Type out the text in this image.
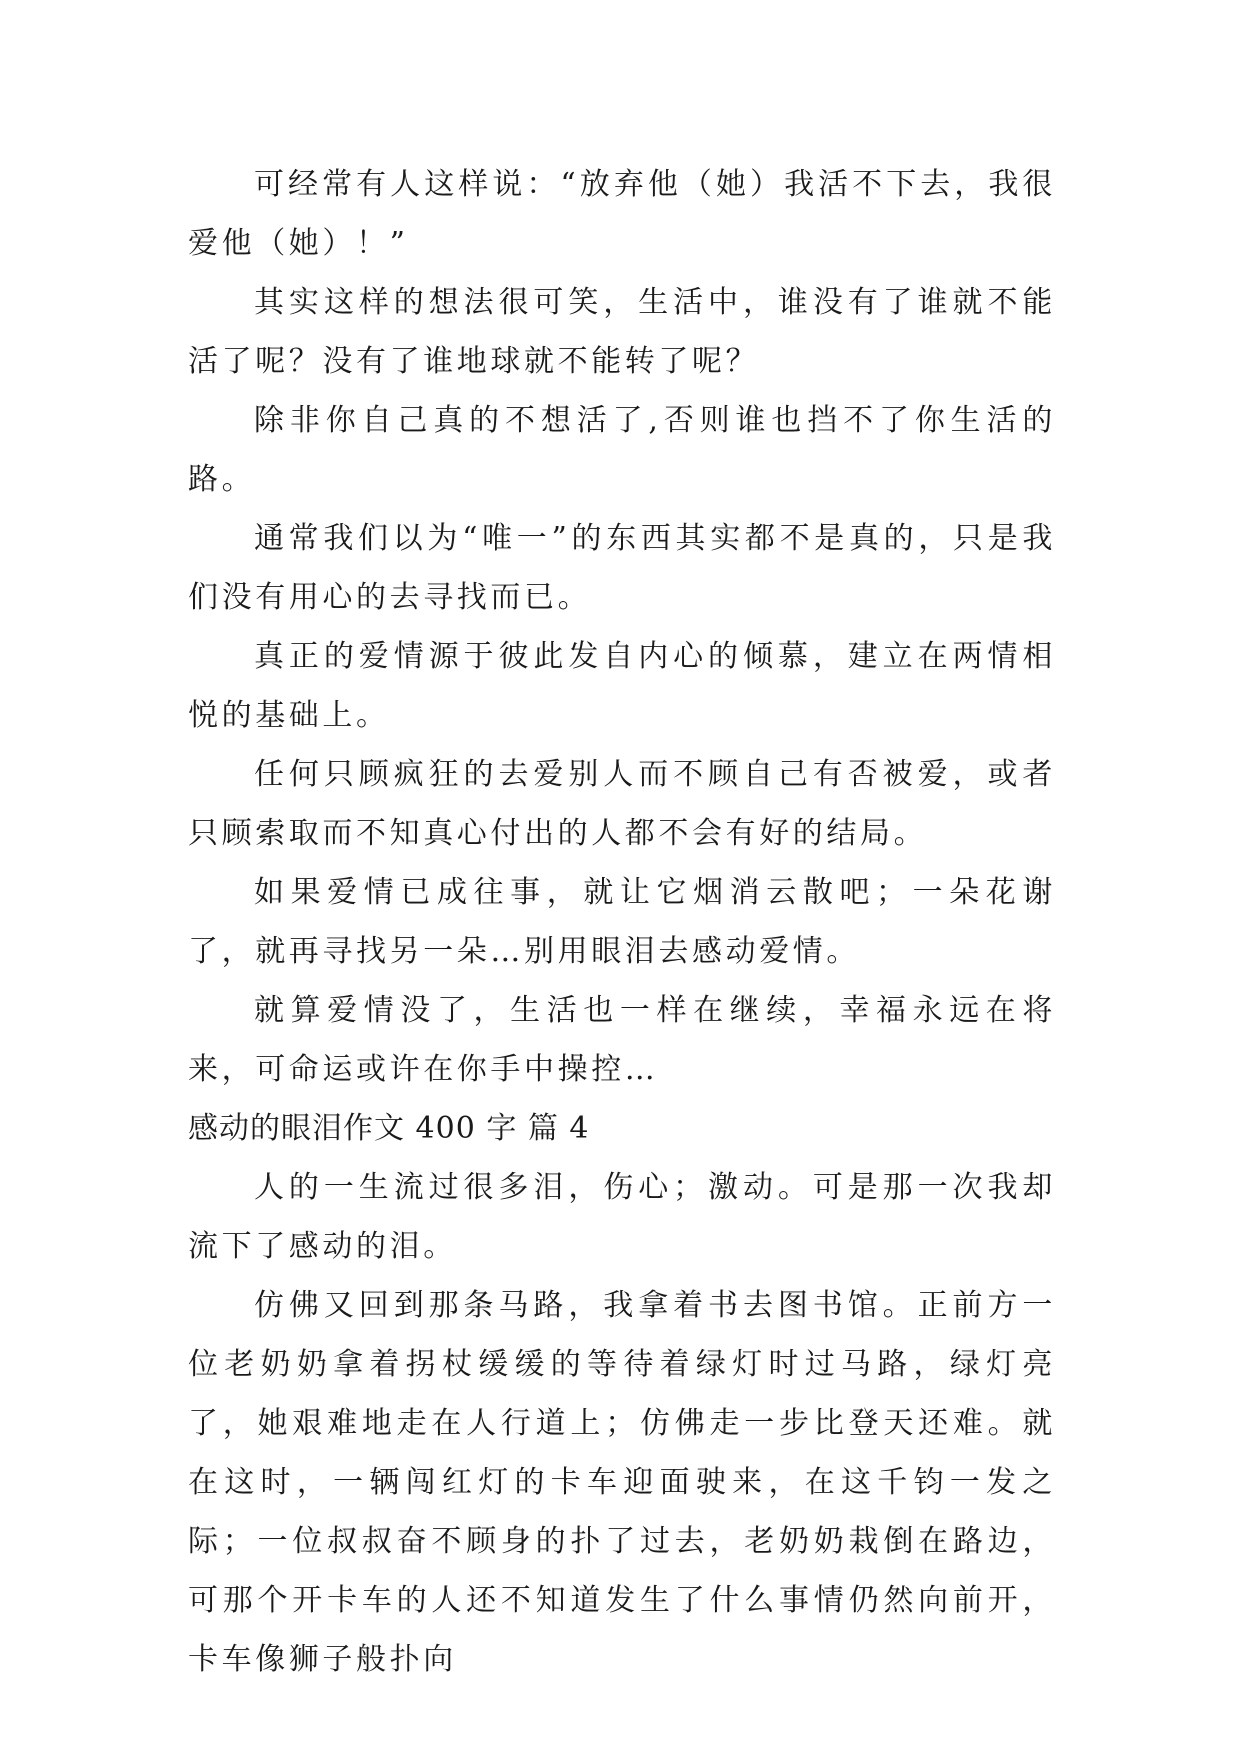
可经常有人这样说：“放弃他（她）我活不下去，我很爱他（她）！”

其实这样的想法很可笑，生活中，谁没有了谁就不能活了呢？没有了谁地球就不能转了呢？

除非你自己真的不想活了,否则谁也挡不了你生活的路。

通常我们以为“唯一”的东西其实都不是真的，只是我们没有用心的去寻找而已。

真正的爱情源于彼此发自内心的倾慕，建立在两情相悦的基础上。

任何只顾疯狂的去爱别人而不顾自己有否被爱，或者只顾索取而不知真心付出的人都不会有好的结局。

如果爱情已成往事，就让它烟消云散吧；一朵花谢了，就再寻找另一朵…别用眼泪去感动爱情。

就算爱情没了，生活也一样在继续，幸福永远在将来，可命运或许在你手中操控…

感动的眼泪作文 400 字 篇 4

人的一生流过很多泪，伤心；激动。可是那一次我却流下了感动的泪。

仿佛又回到那条马路，我拿着书去图书馆。正前方一位老奶奶拿着拐杖缓缓的等待着绿灯时过马路，绿灯亮了，她艰难地走在人行道上；仿佛走一步比登天还难。就在这时，一辆闯红灯的卡车迎面驶来，在这千钧一发之际；一位叔叔奋不顾身的扑了过去，老奶奶栽倒在路边，可那个开卡车的人还不知道发生了什么事情仍然向前开，卡车像狮子般扑向
